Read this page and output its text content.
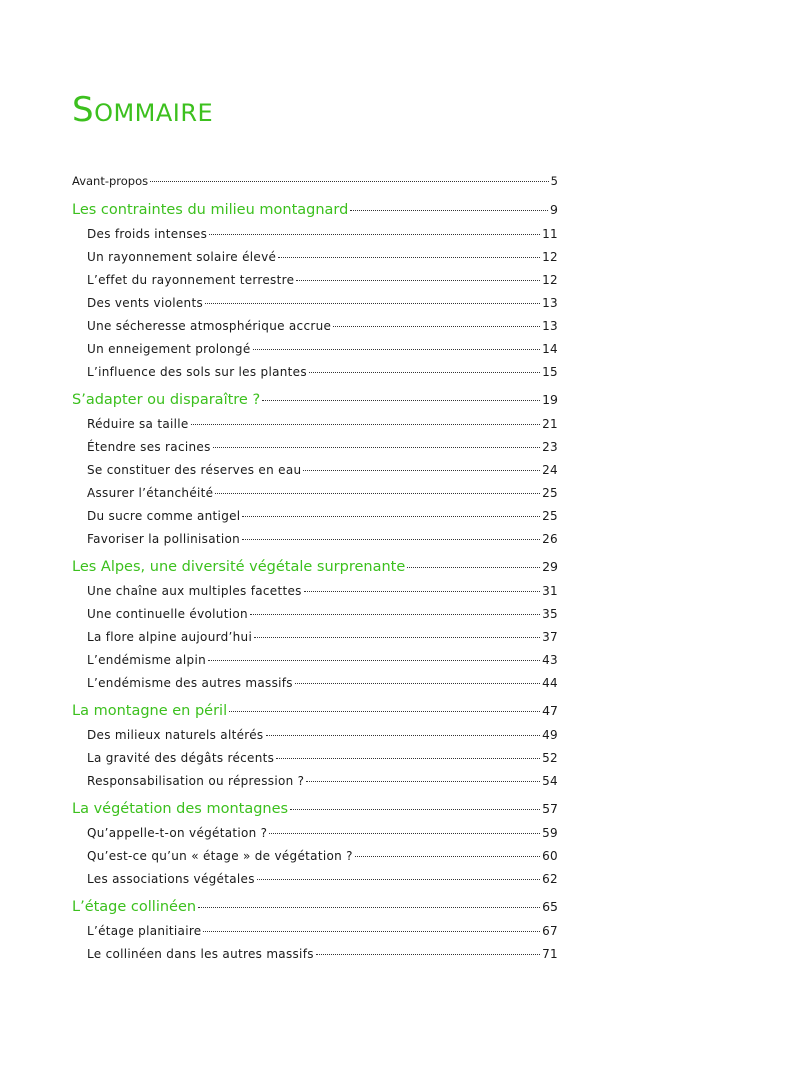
Sommaire
Avant-propos	5
Les contraintes du milieu montagnard	9
Des froids intenses	11
Un rayonnement solaire élevé	12
L’effet du rayonnement terrestre	12
Des vents violents	13
Une sécheresse atmosphérique accrue	13
Un enneigement prolongé	14
L’influence des sols sur les plantes	15
S’adapter ou disparaître ?	19
Réduire sa taille	21
Étendre ses racines	23
Se constituer des réserves en eau	24
Assurer l’étanchéité	25
Du sucre comme antigel	25
Favoriser la pollinisation	26
Les Alpes, une diversité végétale surprenante	29
Une chaîne aux multiples facettes	31
Une continuelle évolution	35
La flore alpine aujourd’hui	37
L’endémisme alpin	43
L’endémisme des autres massifs	44
La montagne en péril	47
Des milieux naturels altérés	49
La gravité des dégâts récents	52
Responsabilisation ou répression ?	54
La végétation des montagnes	57
Qu’appelle-t-on végétation ?	59
Qu’est-ce qu’un « étage » de végétation ?	60
Les associations végétales	62
L’étage collinéen	65
L’étage planitiaire	67
Le collinéen dans les autres massifs	71
